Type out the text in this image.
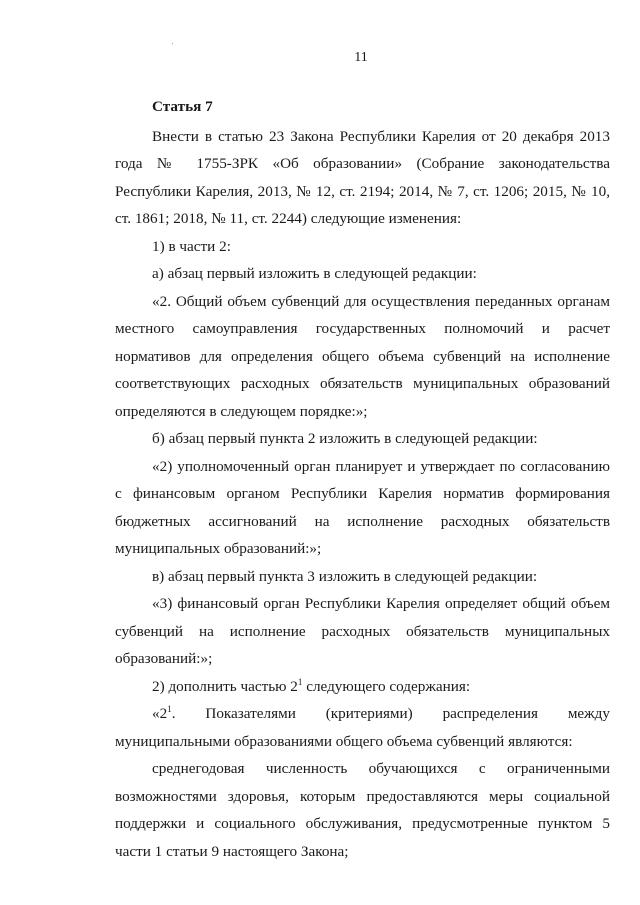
11

Статья 7

Внести в статью 23 Закона Республики Карелия от 20 декабря 2013 года № 1755-ЗРК «Об образовании» (Собрание законодательства Республики Карелия, 2013, № 12, ст. 2194; 2014, № 7, ст. 1206; 2015, № 10, ст. 1861; 2018, № 11, ст. 2244) следующие изменения:

1) в части 2:

а) абзац первый изложить в следующей редакции:

«2. Общий объем субвенций для осуществления переданных органам местного самоуправления государственных полномочий и расчет нормативов для определения общего объема субвенций на исполнение соответствующих расходных обязательств муниципальных образований определяются в следующем порядке:»;

б) абзац первый пункта 2 изложить в следующей редакции:

«2) уполномоченный орган планирует и утверждает по согласованию с финансовым органом Республики Карелия норматив формирования бюджетных ассигнований на исполнение расходных обязательств муниципальных образований:»;

в) абзац первый пункта 3 изложить в следующей редакции:

«3) финансовый орган Республики Карелия определяет общий объем субвенций на исполнение расходных обязательств муниципальных образований:»;

2) дополнить частью $2^1$ следующего содержания:

«$2^1$. Показателями (критериями) распределения между муниципальными образованиями общего объема субвенций являются:

среднегодовая численность обучающихся с ограниченными возможностями здоровья, которым предоставляются меры социальной поддержки и социального обслуживания, предусмотренные пунктом 5 части 1 статьи 9 настоящего Закона;
